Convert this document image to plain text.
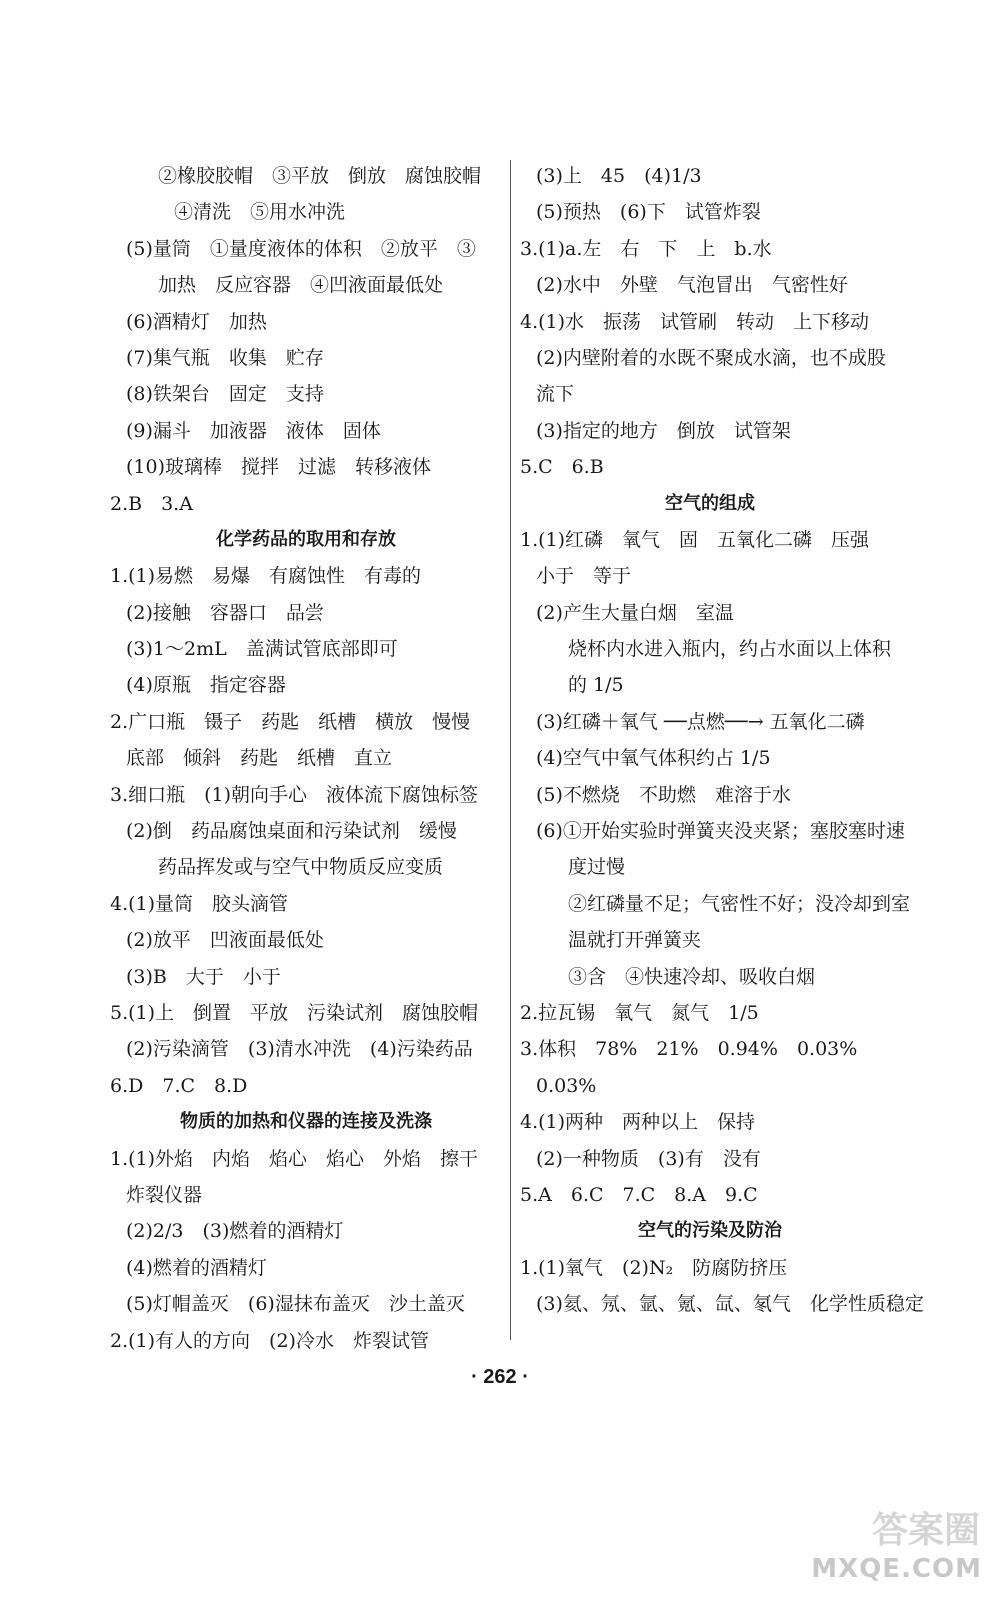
②橡胶胶帽　③平放　倒放　腐蚀胶帽
④清洗　⑤用水冲洗
(5)量筒　①量度液体的体积　②放平　③
加热　反应容器　④凹液面最低处
(6)酒精灯　加热
(7)集气瓶　收集　贮存
(8)铁架台　固定　支持
(9)漏斗　加液器　液体　固体
(10)玻璃棒　搅拌　过滤　转移液体
2.B　3.A
化学药品的取用和存放
1.(1)易燃　易爆　有腐蚀性　有毒的
(2)接触　容器口　品尝
(3)1～2mL　盖满试管底部即可
(4)原瓶　指定容器
2.广口瓶　镊子　药匙　纸槽　横放　慢慢
底部　倾斜　药匙　纸槽　直立
3.细口瓶　(1)朝向手心　液体流下腐蚀标签
(2)倒　药品腐蚀桌面和污染试剂　缓慢
药品挥发或与空气中物质反应变质
4.(1)量筒　胶头滴管
(2)放平　凹液面最低处
(3)B　大于　小于
5.(1)上　倒置　平放　污染试剂　腐蚀胶帽
(2)污染滴管　(3)清水冲洗　(4)污染药品
6.D　7.C　8.D
物质的加热和仪器的连接及洗涤
1.(1)外焰　内焰　焰心　焰心　外焰　擦干
炸裂仪器
(2)2/3　(3)燃着的酒精灯
(4)燃着的酒精灯
(5)灯帽盖灭　(6)湿抹布盖灭　沙土盖灭
2.(1)有人的方向　(2)冷水　炸裂试管
(3)上　45　(4)1/3
(5)预热　(6)下　试管炸裂
3.(1)a.左　右　下　上　b.水
(2)水中　外壁　气泡冒出　气密性好
4.(1)水　振荡　试管刷　转动　上下移动
(2)内壁附着的水既不聚成水滴，也不成股
流下
(3)指定的地方　倒放　试管架
5.C　6.B
空气的组成
1.(1)红磷　氧气　固　五氧化二磷　压强
小于　等于
(2)产生大量白烟　室温
烧杯内水进入瓶内，约占水面以上体积
的 1/5
(3)红磷＋氧气 ──点燃──→ 五氧化二磷
(4)空气中氧气体积约占 1/5
(5)不燃烧　不助燃　难溶于水
(6)①开始实验时弹簧夹没夹紧；塞胶塞时速
度过慢
②红磷量不足；气密性不好；没冷却到室
温就打开弹簧夹
③含　④快速冷却、吸收白烟
2.拉瓦锡　氧气　氮气　1/5
3.体积　78%　21%　0.94%　0.03%
0.03%
4.(1)两种　两种以上　保持
(2)一种物质　(3)有　没有
5.A　6.C　7.C　8.A　9.C
空气的污染及防治
1.(1)氧气　(2)N₂　防腐防挤压
(3)氦、氖、氩、氪、氙、氡气　化学性质稳定
· 262 ·
答案圈
MXQE.COM
